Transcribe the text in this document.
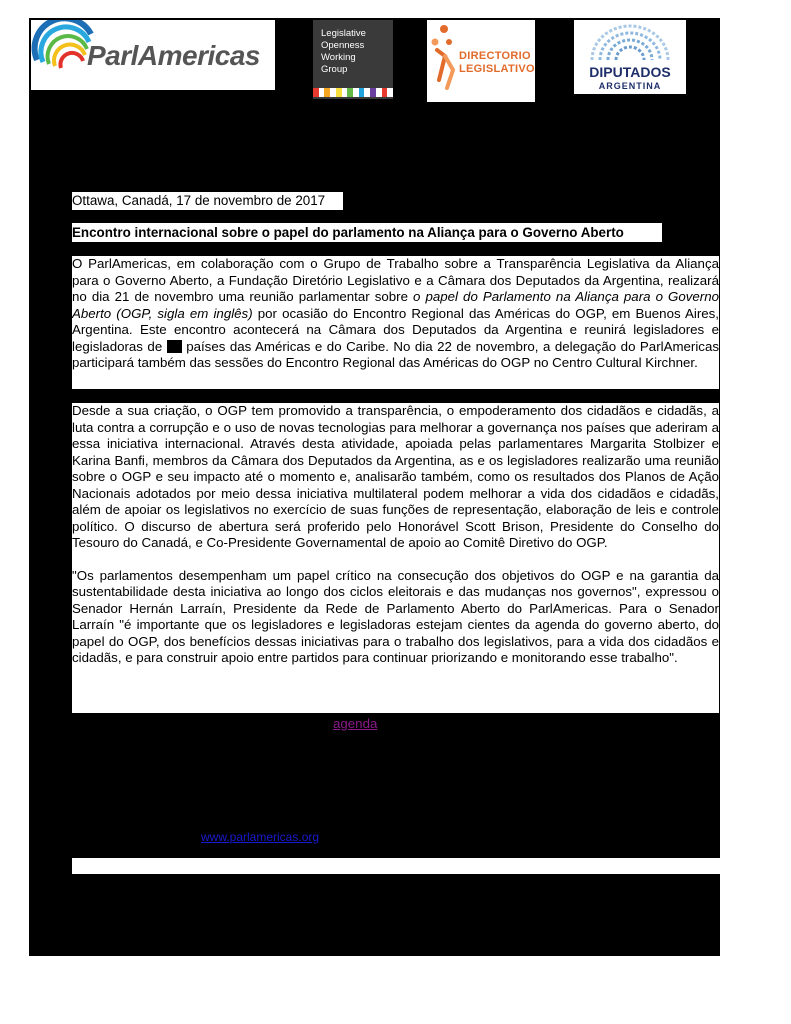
ParlAmericas
Legislative
Openness
Working
Group
DIRECTORIO
LEGISLATIVO	DIPUTADOS
ARGENTINA
Ottawa, Canadá, 17 de novembro de 2017
Encontro internacional sobre o papel do parlamento na Aliança para o Governo Aberto
O ParlAmericas, em colaboração com o Grupo de Trabalho sobre a Transparência Legislativa da Aliança para o Governo Aberto, a Fundação Diretório Legislativo e a Câmara dos Deputados da Argentina, realizará no dia 21 de novembro uma reunião parlamentar sobre o papel do Parlamento na Aliança para o Governo Aberto (OGP, sigla em inglês) por ocasião do Encontro Regional das Américas do OGP, em Buenos Aires, Argentina. Este encontro acontecerá na Câmara dos Deputados da Argentina e reunirá legisladores e legisladoras de  países das Américas e do Caribe. No dia 22 de novembro, a delegação do ParlAmericas participará também das sessões do Encontro Regional das Américas do OGP no Centro Cultural Kirchner.

Desde a sua criação, o OGP tem promovido a transparência, o empoderamento dos cidadãos e cidadãs, a luta contra a corrupção e o uso de novas tecnologias para melhorar a governança nos países que aderiram a essa iniciativa internacional. Através desta atividade, apoiada pelas parlamentares Margarita Stolbizer e Karina Banfi, membros da Câmara dos Deputados da Argentina, as e os legisladores realizarão uma reunião sobre o OGP e seu impacto até o momento e, analisarão também, como os resultados dos Planos de Ação Nacionais adotados por meio dessa iniciativa multilateral podem melhorar a vida dos cidadãos e cidadãs, além de apoiar os legislativos no exercício de suas funções de representação, elaboração de leis e controle político. O discurso de abertura será proferido pelo Honorável Scott Brison, Presidente do Conselho do Tesouro do Canadá, e Co-Presidente Governamental de apoio ao Comitê Diretivo do OGP.

"Os parlamentos desempenham um papel crítico na consecução dos objetivos do OGP e na garantia da sustentabilidade desta iniciativa ao longo dos ciclos eleitorais e das mudanças nos governos", expressou o Senador Hernán Larraín, Presidente da Rede de Parlamento Aberto do ParlAmericas. Para o Senador Larraín "é importante que os legisladores e legisladoras estejam cientes da agenda do governo aberto, do papel do OGP, dos benefícios dessas iniciativas para o trabalho dos legislativos, para a vida dos cidadãos e cidadãs, e para construir apoio entre partidos para continuar priorizando e monitorando esse trabalho".

agenda
www.parlamericas.org
